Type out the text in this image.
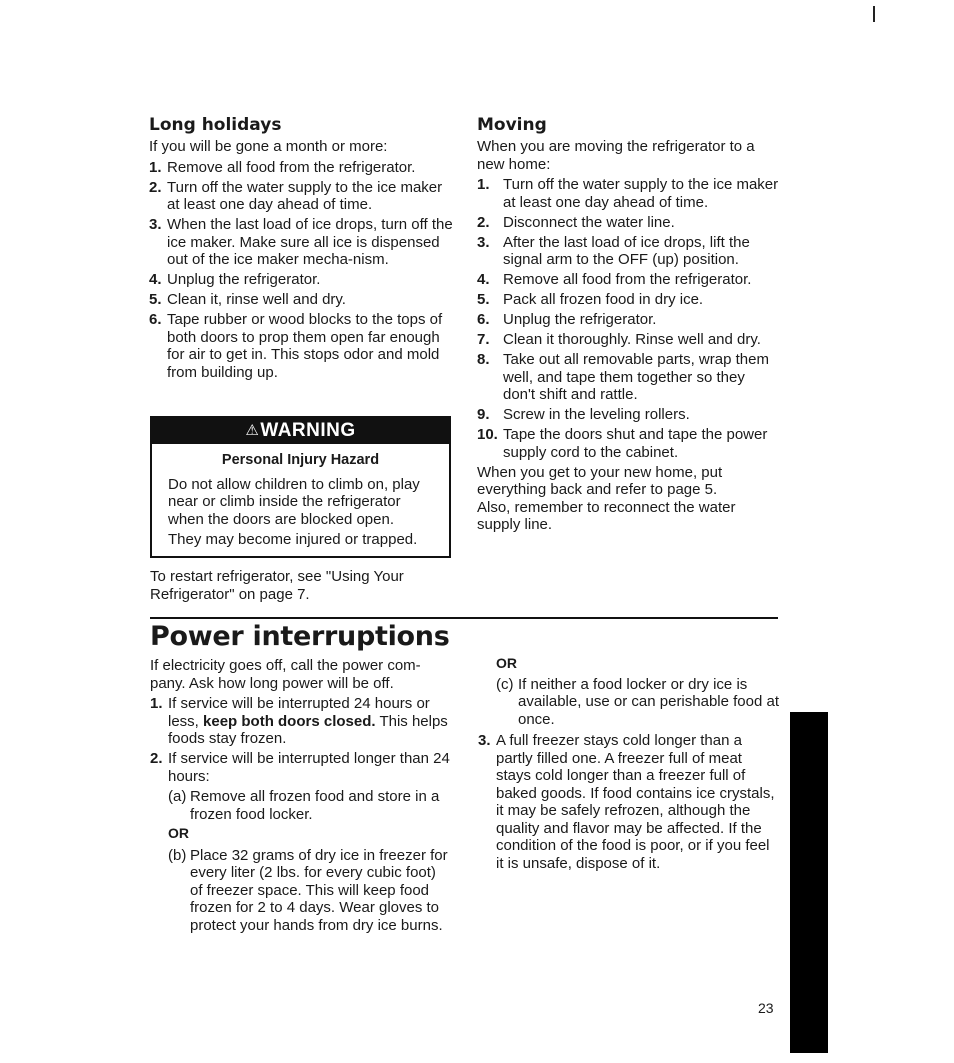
Long holidays

If you will be gone a month or more:

1. Remove all food from the refrigerator.
2. Turn off the water supply to the ice maker at least one day ahead of time.
3. When the last load of ice drops, turn off the ice maker. Make sure all ice is dispensed out of the ice maker mecha-nism.
4. Unplug the refrigerator.
5. Clean it, rinse well and dry.
6. Tape rubber or wood blocks to the tops of both doors to prop them open far enough for air to get in. This stops odor and mold from building up.
⚠WARNING
Personal Injury Hazard

Do not allow children to climb on, play near or climb inside the refrigerator when the doors are blocked open.

They may become injured or trapped.

To restart refrigerator, see "Using Your Refrigerator" on page 7.

Moving

When you are moving the refrigerator to a new home:

1. Turn off the water supply to the ice maker at least one day ahead of time.
2. Disconnect the water line.
3. After the last load of ice drops, lift the signal arm to the OFF (up) position.
4. Remove all food from the refrigerator.
5. Pack all frozen food in dry ice.
6. Unplug the refrigerator.
7. Clean it thoroughly. Rinse well and dry.
8. Take out all removable parts, wrap them well, and tape them together so they don't shift and rattle.
9. Screw in the leveling rollers.
10. Tape the doors shut and tape the power supply cord to the cabinet.

When you get to your new home, put everything back and refer to page 5.

Also, remember to reconnect the water supply line.

Power interruptions

If electricity goes off, call the power com-pany. Ask how long power will be off.

1. If service will be interrupted 24 hours or less, keep both doors closed. This helps foods stay frozen.
2. If service will be interrupted longer than 24 hours:
(a) Remove all frozen food and store in a frozen food locker.
OR
(b) Place 32 grams of dry ice in freezer for every liter (2 lbs. for every cubic foot) of freezer space. This will keep food frozen for 2 to 4 days. Wear gloves to protect your hands from dry ice burns.
OR
(c) If neither a food locker or dry ice is available, use or can perishable food at once.
3. A full freezer stays cold longer than a partly filled one. A freezer full of meat stays cold longer than a freezer full of baked goods. If food contains ice crystals, it may be safely refrozen, although the quality and flavor may be affected. If the condition of the food is poor, or if you feel it is unsafe, dispose of it.
23
